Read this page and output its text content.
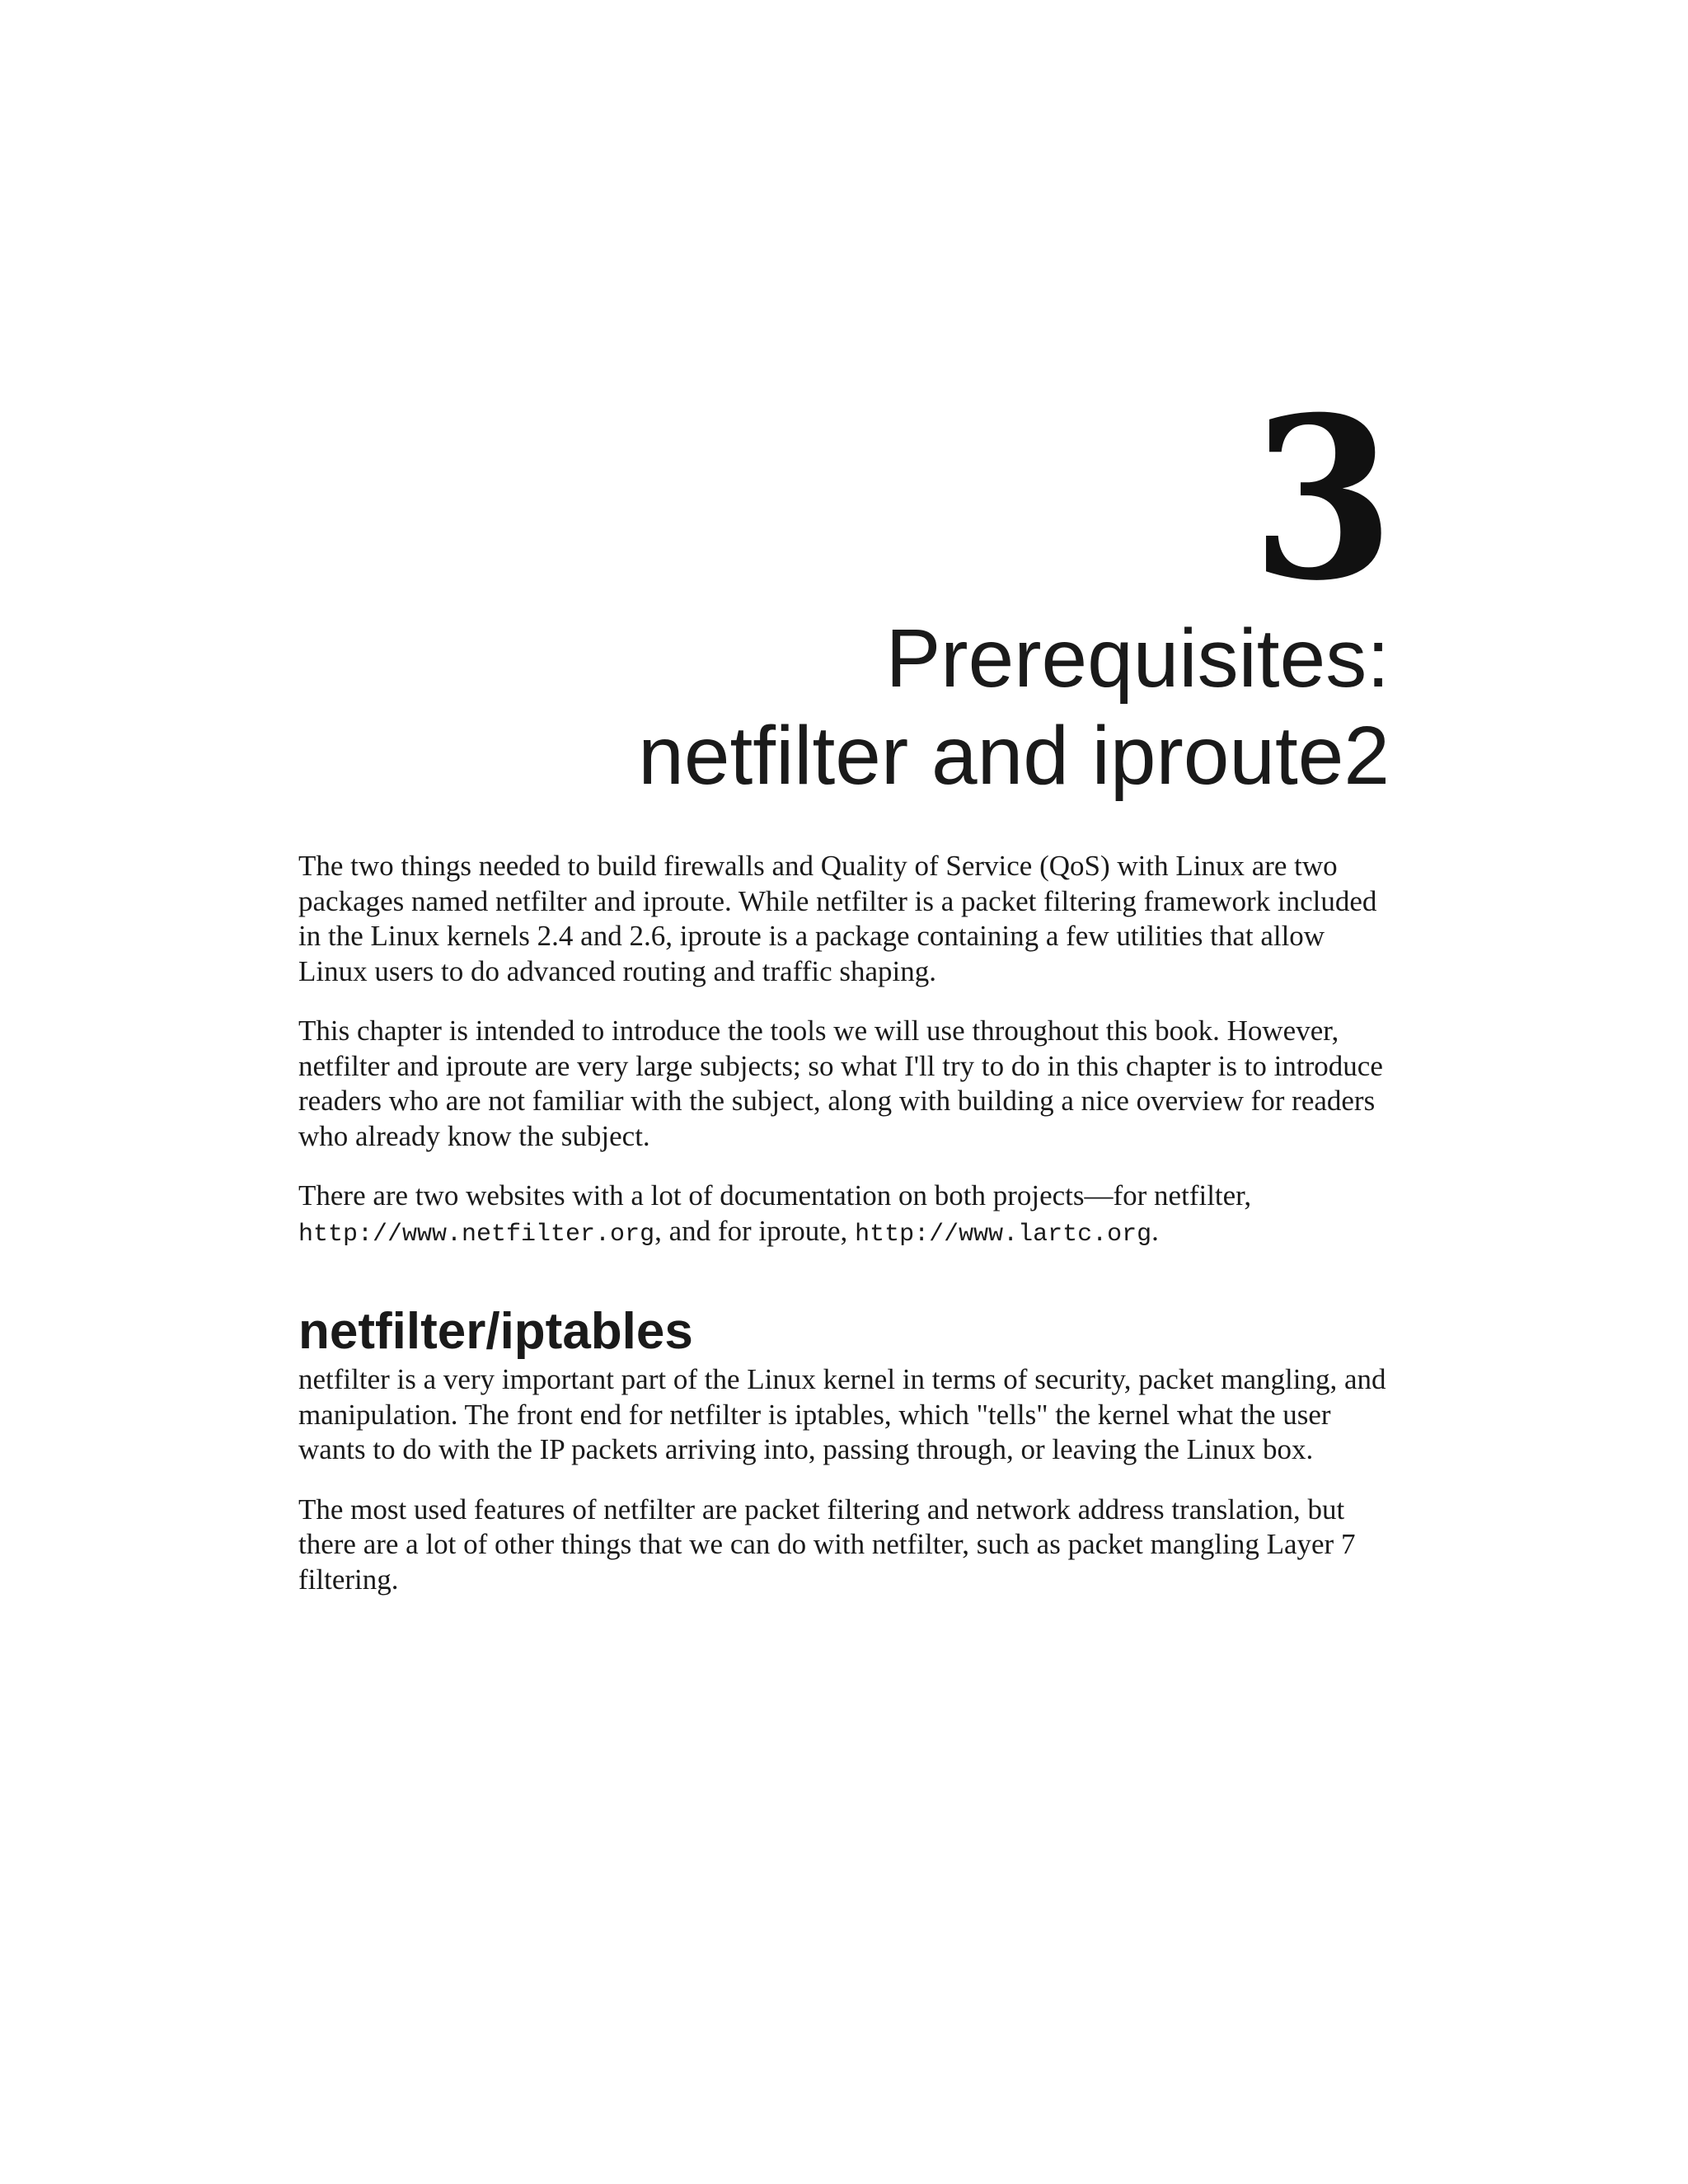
3
Prerequisites:
netfilter and iproute2

The two things needed to build firewalls and Quality of Service (QoS) with Linux are two packages named netfilter and iproute. While netfilter is a packet filtering framework included in the Linux kernels 2.4 and 2.6, iproute is a package containing a few utilities that allow Linux users to do advanced routing and traffic shaping.

This chapter is intended to introduce the tools we will use throughout this book. However, netfilter and iproute are very large subjects; so what I'll try to do in this chapter is to introduce readers who are not familiar with the subject, along with building a nice overview for readers who already know the subject.

There are two websites with a lot of documentation on both projects—for netfilter, http://www.netfilter.org, and for iproute, http://www.lartc.org.

netfilter/iptables

netfilter is a very important part of the Linux kernel in terms of security, packet mangling, and manipulation. The front end for netfilter is iptables, which "tells" the kernel what the user wants to do with the IP packets arriving into, passing through, or leaving the Linux box.

The most used features of netfilter are packet filtering and network address translation, but there are a lot of other things that we can do with netfilter, such as packet mangling Layer 7 filtering.
